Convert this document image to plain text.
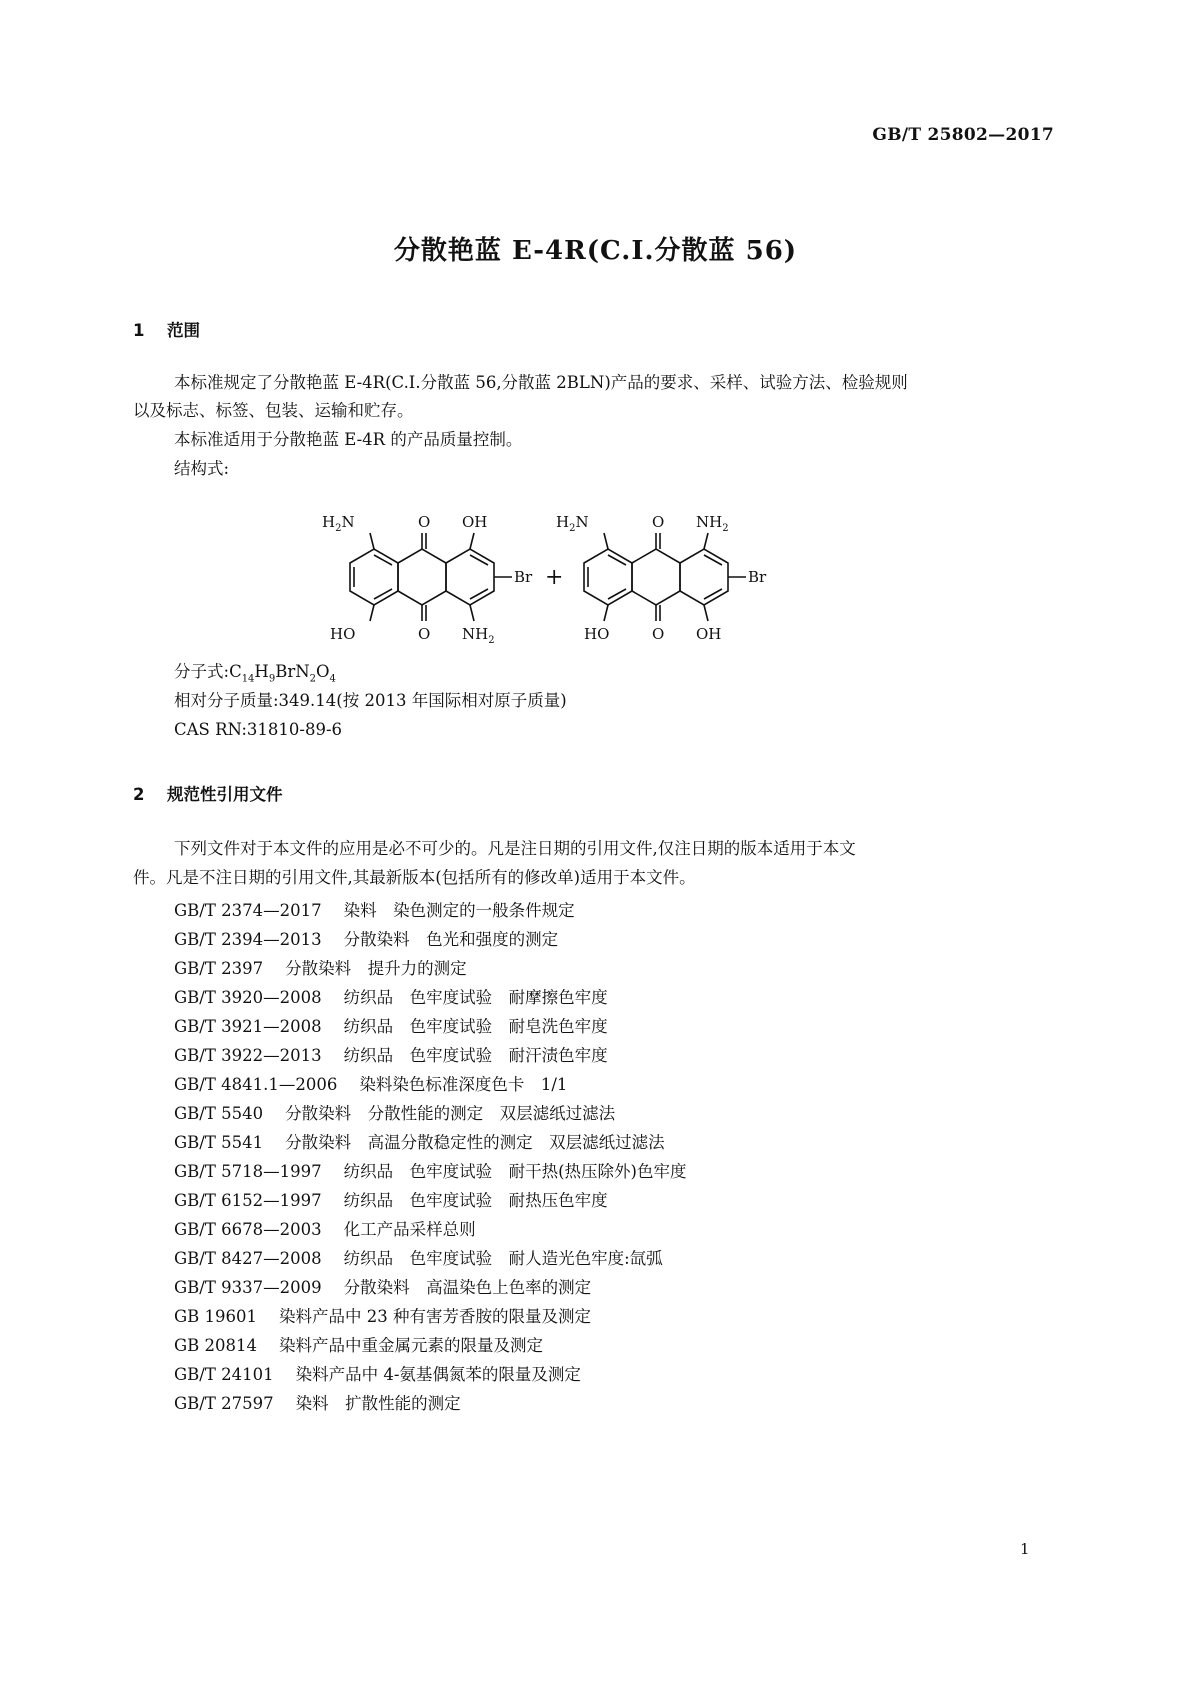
GB/T 25802—2017
分散艳蓝 E-4R(C.I.分散蓝 56)
1 范围
本标准规定了分散艳蓝 E-4R(C.I.分散蓝 56,分散蓝 2BLN)产品的要求、采样、试验方法、检验规则
以及标志、标签、包装、运输和贮存。
本标准适用于分散艳蓝 E-4R 的产品质量控制。
结构式:
$H_2N$	O OH
Br
HO	O $NH_2$
+
$H_2N$	O $NH_2$
Br
HO	O OH
分子式$:C_{14}H_9BrN_2O_4$
相对分子质量:349.14(按 2013 年国际相对原子质量)
CAS RN:31810-89-6
2 规范性引用文件
下列文件对于本文件的应用是必不可少的。凡是注日期的引用文件,仅注日期的版本适用于本文
件。凡是不注日期的引用文件,其最新版本(包括所有的修改单)适用于本文件。
GB/T 2374—2017 染料　染色测定的一般条件规定
GB/T 2394—2013 分散染料　色光和强度的测定
GB/T 2397 分散染料　提升力的测定
GB/T 3920—2008 纺织品　色牢度试验　耐摩擦色牢度
GB/T 3921—2008 纺织品　色牢度试验　耐皂洗色牢度
GB/T 3922—2013 纺织品　色牢度试验　耐汗渍色牢度
GB/T 4841.1—2006 染料染色标准深度色卡　1/1
GB/T 5540 分散染料　分散性能的测定　双层滤纸过滤法
GB/T 5541 分散染料　高温分散稳定性的测定　双层滤纸过滤法
GB/T 5718—1997 纺织品　色牢度试验　耐干热(热压除外)色牢度
GB/T 6152—1997 纺织品　色牢度试验　耐热压色牢度
GB/T 6678—2003 化工产品采样总则
GB/T 8427—2008 纺织品　色牢度试验　耐人造光色牢度:氙弧
GB/T 9337—2009 分散染料　高温染色上色率的测定
GB 19601 染料产品中 23 种有害芳香胺的限量及测定
GB 20814 染料产品中重金属元素的限量及测定
GB/T 24101 染料产品中 4-氨基偶氮苯的限量及测定
GB/T 27597 染料　扩散性能的测定
1
